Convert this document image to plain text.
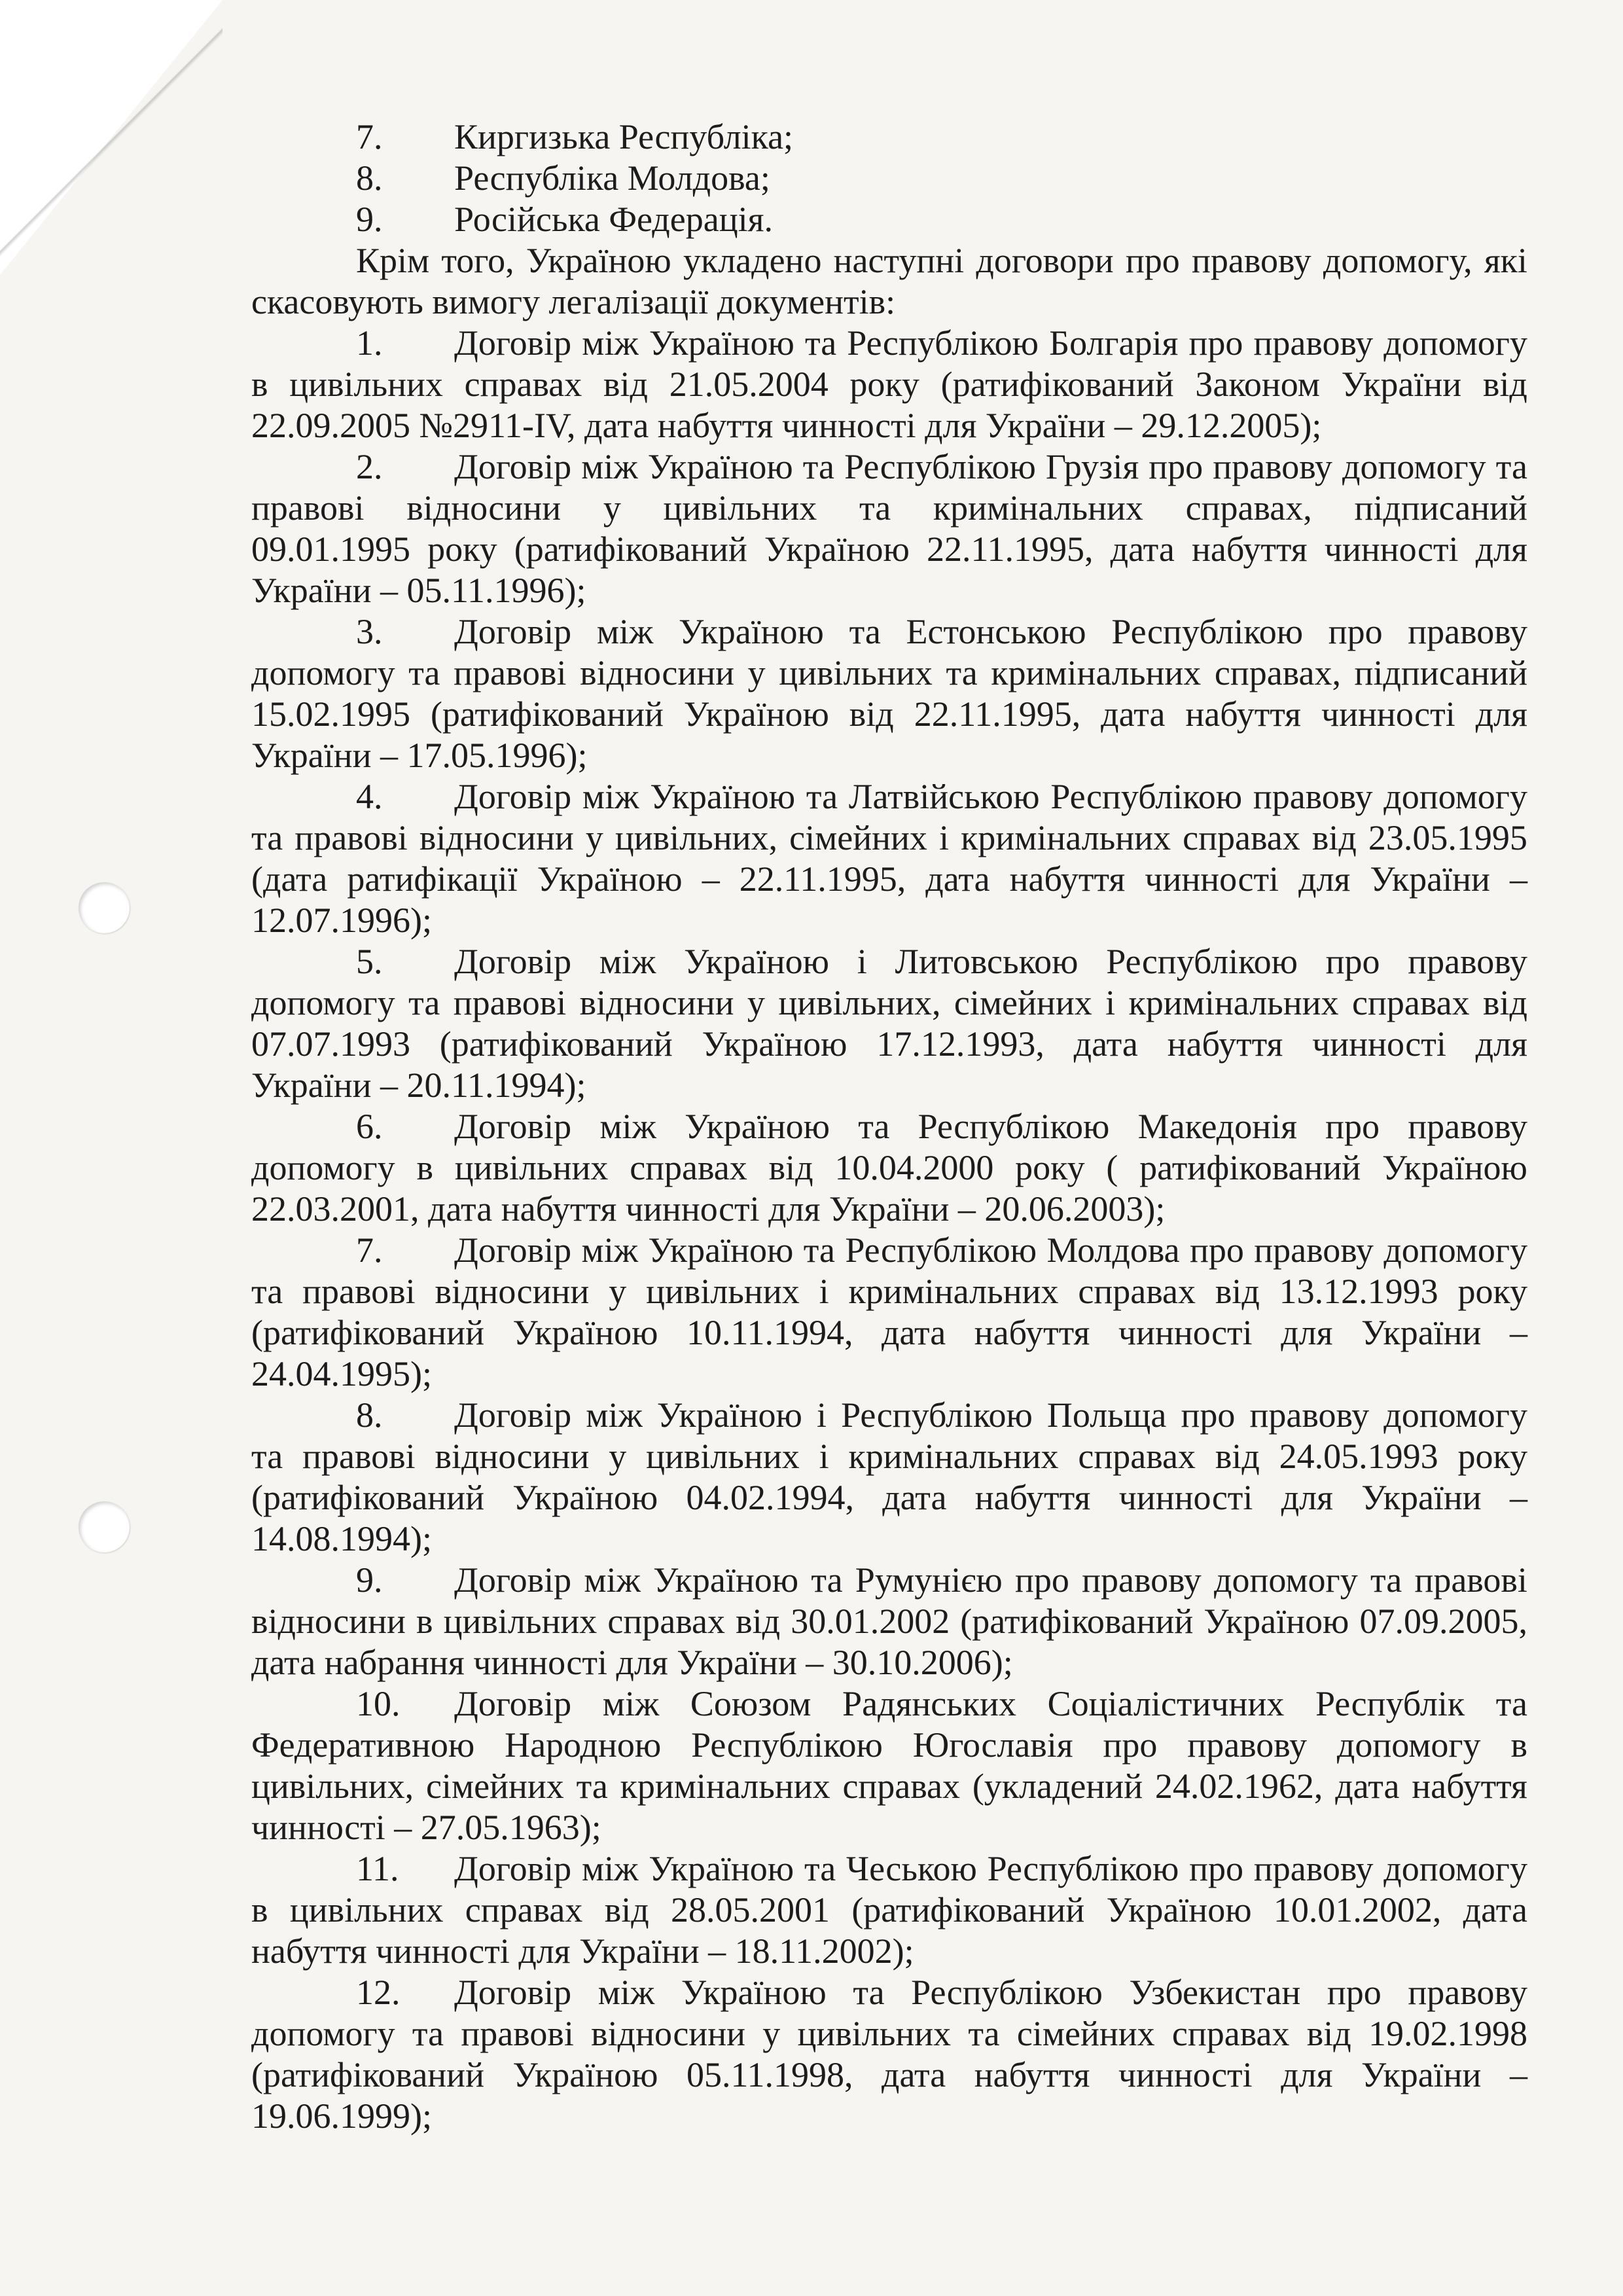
7. Киргизька Республіка;
8. Республіка Молдова;
9. Російська Федерація.
Крім того, Україною укладено наступні договори про правову допомогу, які
скасовують вимогу легалізації документів:
1.	Договір між Україною та Республікою Болгарія про правову допомогу
в цивільних справах від 21.05.2004 року (ратифікований Законом України від
22.09.2005 №2911-IV, дата набуття чинності для України – 29.12.2005);
2.	Договір між Україною та Республікою Грузія про правову допомогу та
правові відносини у цивільних та кримінальних справах, підписаний
09.01.1995 року (ратифікований Україною 22.11.1995, дата набуття чинності для
України – 05.11.1996);
3.	Договір між Україною та Естонською Республікою про правову
допомогу та правові відносини у цивільних та кримінальних справах, підписаний
15.02.1995 (ратифікований Україною від 22.11.1995, дата набуття чинності для
України – 17.05.1996);
4.	Договір між Україною та Латвійською Республікою правову допомогу
та правові відносини у цивільних, сімейних і кримінальних справах від 23.05.1995
(дата ратифікації Україною – 22.11.1995, дата набуття чинності для України –
12.07.1996);
5.	Договір між Україною і Литовською Республікою про правову
допомогу та правові відносини у цивільних, сімейних і кримінальних справах від
07.07.1993 (ратифікований Україною 17.12.1993, дата набуття чинності для
України – 20.11.1994);
6.	Договір між Україною та Республікою Македонія про правову
допомогу в цивільних справах від 10.04.2000 року ( ратифікований Україною
22.03.2001, дата набуття чинності для України – 20.06.2003);
7.	Договір між Україною та Республікою Молдова про правову допомогу
та правові відносини у цивільних і кримінальних справах від 13.12.1993 року
(ратифікований Україною 10.11.1994, дата набуття чинності для України –
24.04.1995);
8.	Договір між Україною і Республікою Польща про правову допомогу
та правові відносини у цивільних і кримінальних справах від 24.05.1993 року
(ратифікований Україною 04.02.1994, дата набуття чинності для України –
14.08.1994);
9.	Договір між Україною та Румунією про правову допомогу та правові
відносини в цивільних справах від 30.01.2002 (ратифікований Україною 07.09.2005,
дата набрання чинності для України – 30.10.2006);
10.	Договір між Союзом Радянських Соціалістичних Республік та
Федеративною Народною Республікою Югославія про правову допомогу в
цивільних, сімейних та кримінальних справах (укладений 24.02.1962, дата набуття
чинності – 27.05.1963);
11.	Договір між Україною та Чеською Республікою про правову допомогу
в цивільних справах від 28.05.2001 (ратифікований Україною 10.01.2002, дата
набуття чинності для України – 18.11.2002);
12.	Договір між Україною та Республікою Узбекистан про правову
допомогу та правові відносини у цивільних та сімейних справах від 19.02.1998
(ратифікований Україною 05.11.1998, дата набуття чинності для України –
19.06.1999);
